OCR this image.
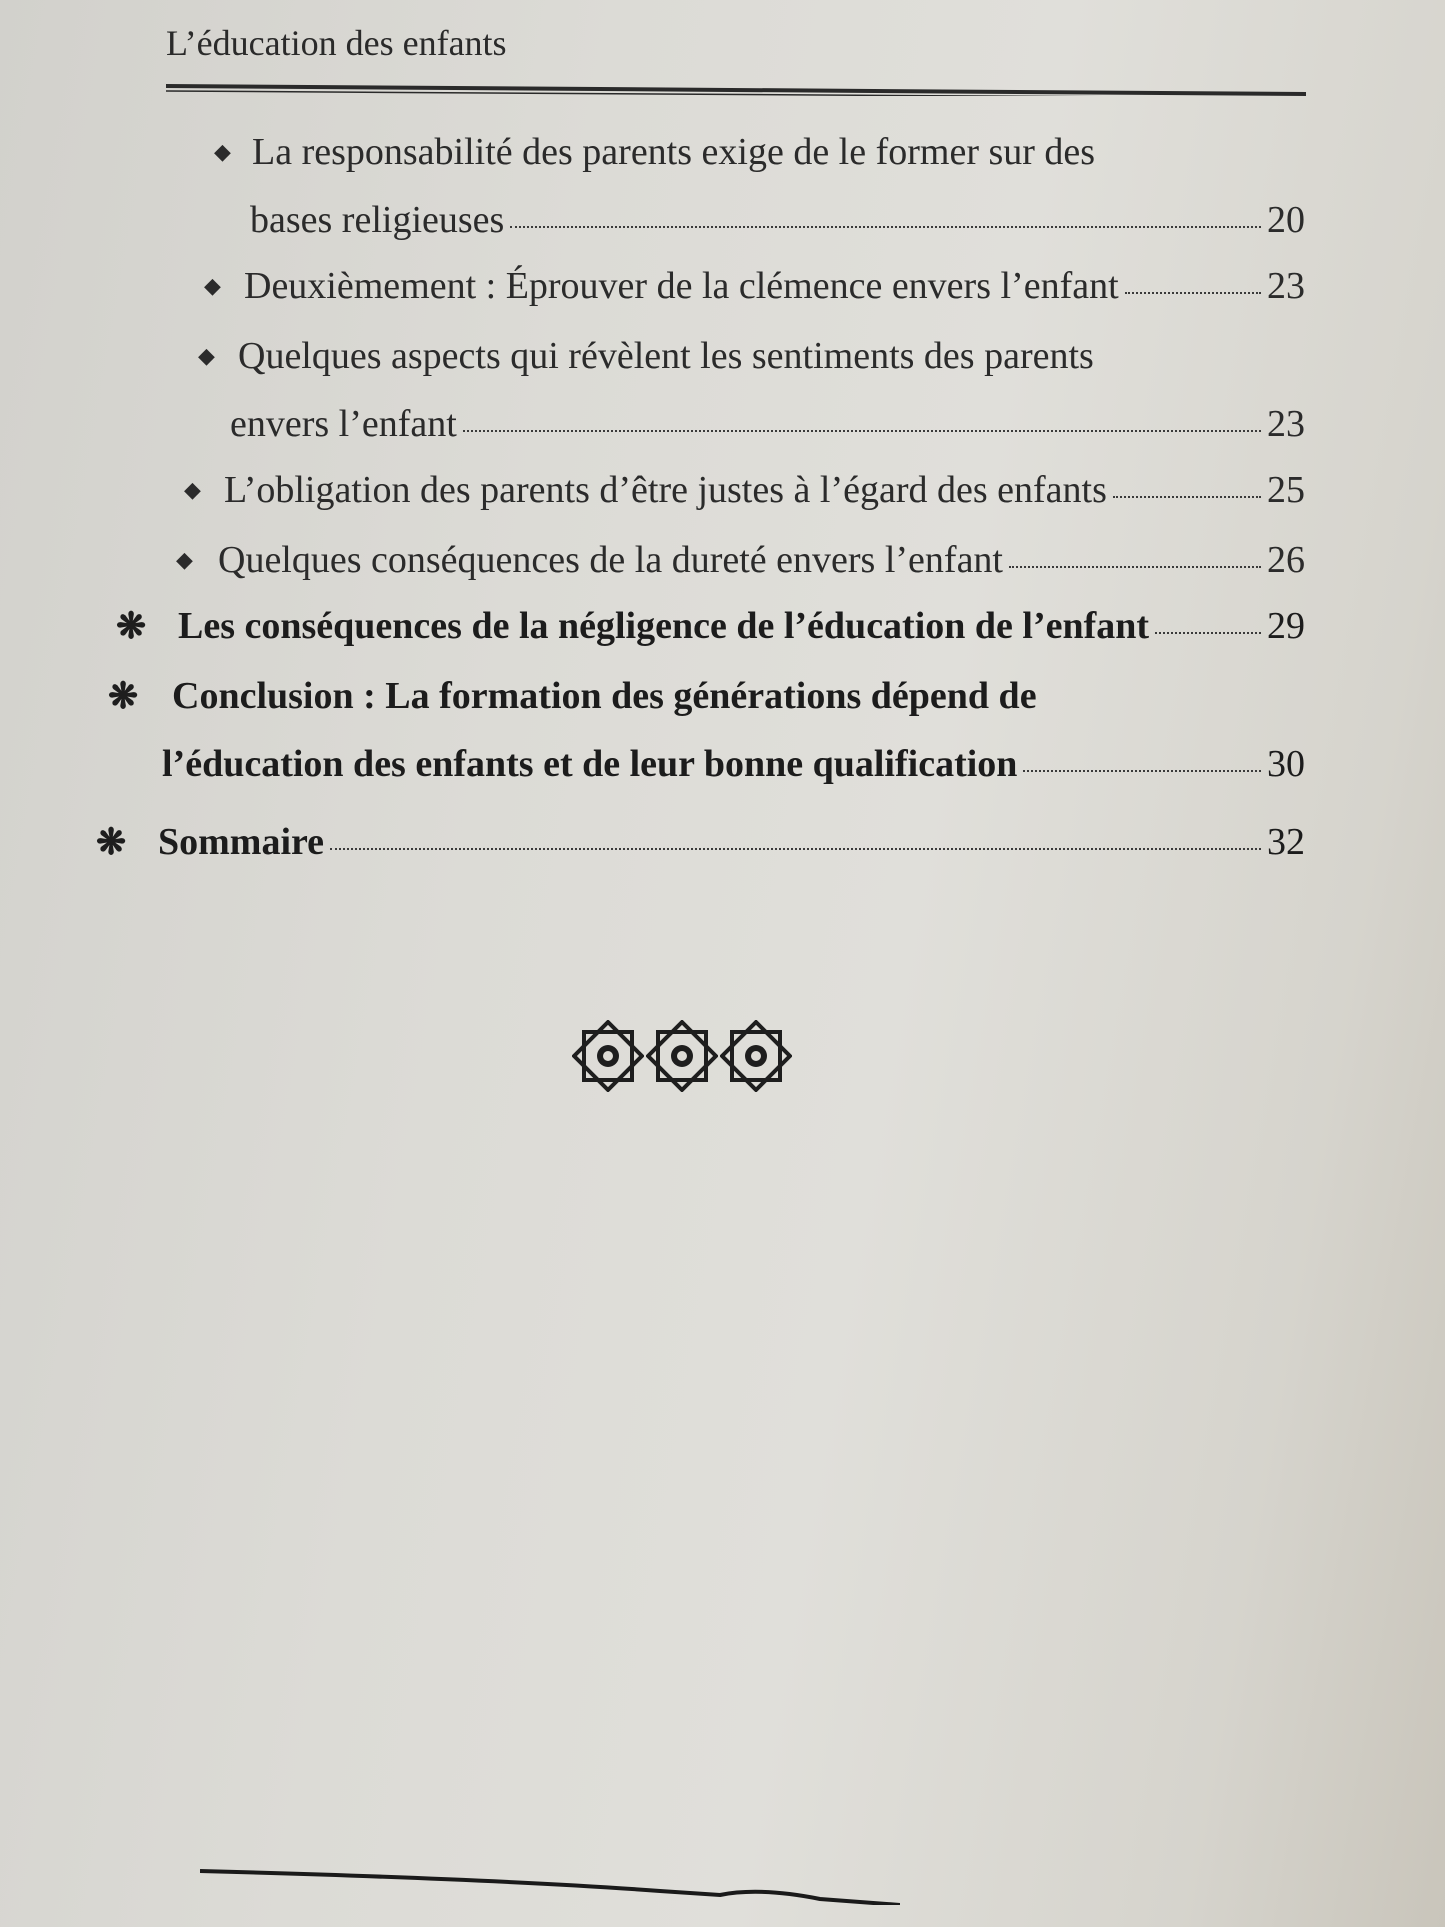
L’éducation des enfants
◆ La responsabilité des parents exige de le former sur des
bases religieuses	20
◆ Deuxièmement : Éprouver de la clémence envers l’enfant	23
◆ Quelques aspects qui révèlent les sentiments des parents
envers l’enfant	23
◆ L’obligation des parents d’être justes à l’égard des enfants	25
◆ Quelques conséquences de la dureté envers l’enfant	26
❋ Les conséquences de la négligence de l’éducation de l’enfant	29
❋ Conclusion : La formation des générations dépend de
l’éducation des enfants et de leur bonne qualification	30
❋ Sommaire	32
